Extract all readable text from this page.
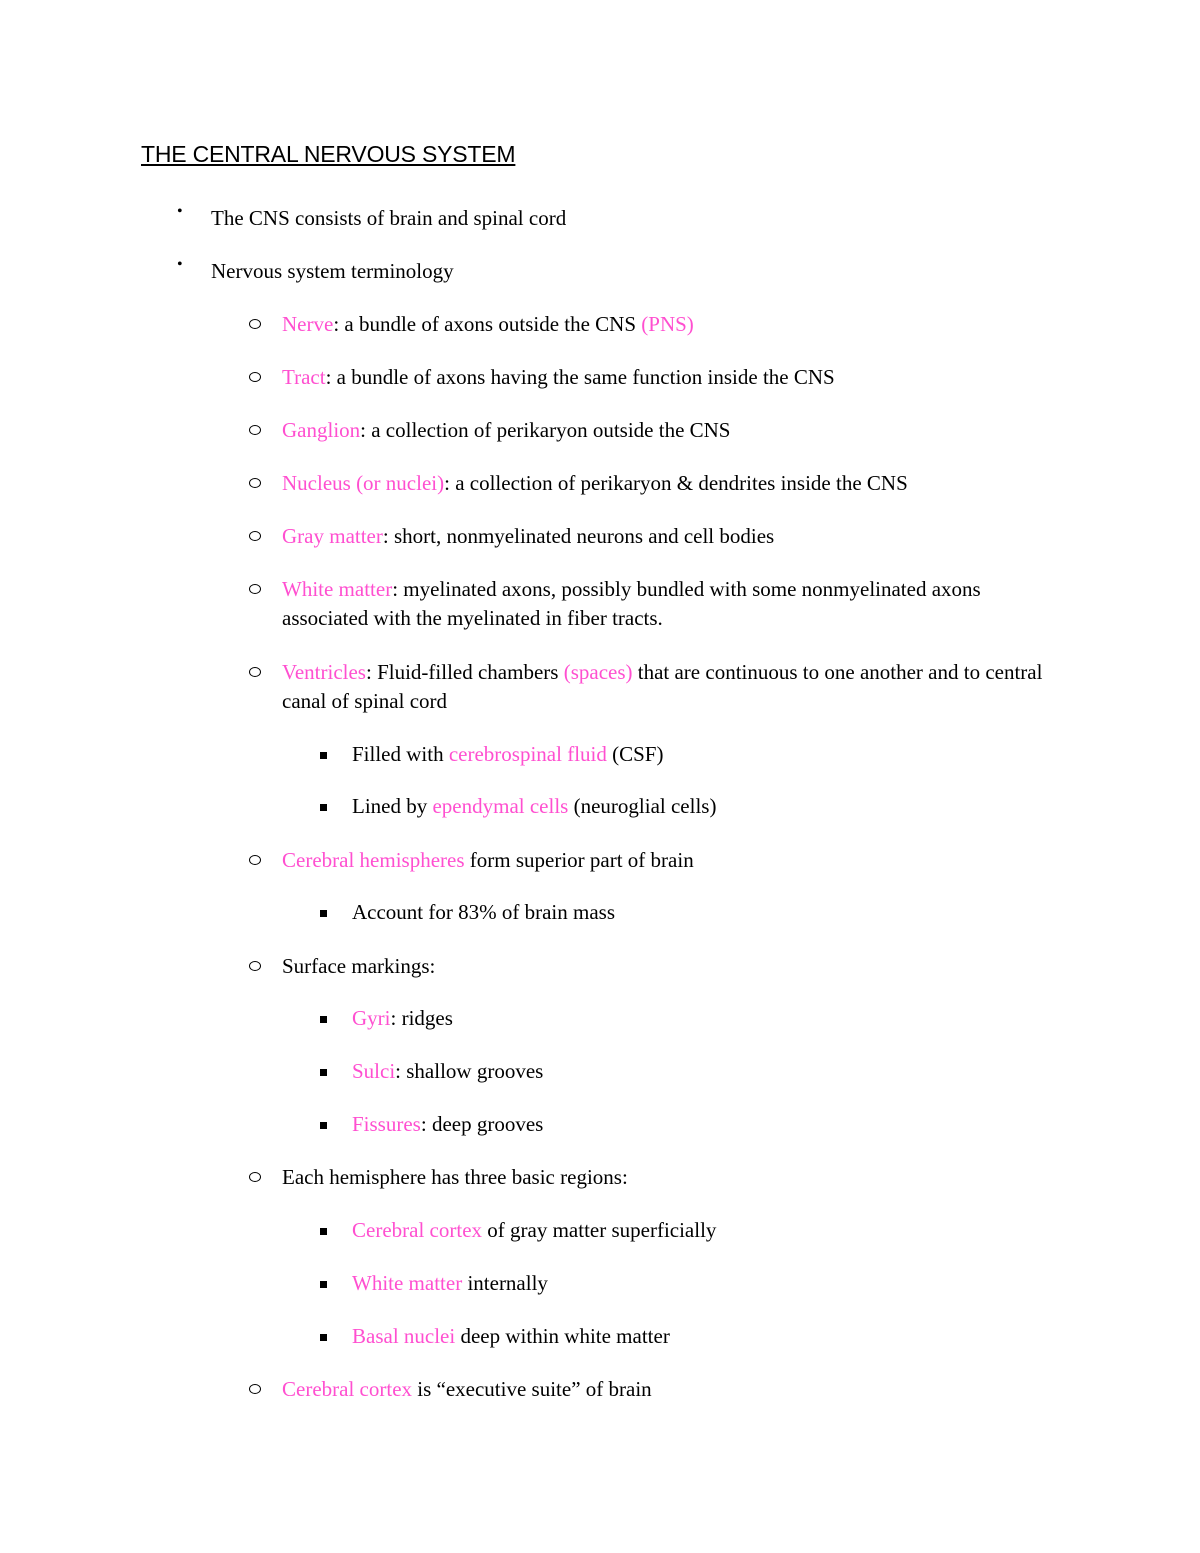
THE CENTRAL NERVOUS SYSTEM
• The CNS consists of brain and spinal cord
• Nervous system terminology
Nerve: a bundle of axons outside the CNS (PNS)
Tract: a bundle of axons having the same function inside the CNS
Ganglion: a collection of perikaryon outside the CNS
Nucleus (or nuclei): a collection of perikaryon & dendrites inside the CNS
Gray matter: short, nonmyelinated neurons and cell bodies
White matter: myelinated axons, possibly bundled with some nonmyelinated axons associated with the myelinated in fiber tracts.
Ventricles: Fluid-filled chambers (spaces) that are continuous to one another and to central canal of spinal cord
Filled with cerebrospinal fluid (CSF)
Lined by ependymal cells (neuroglial cells)
Cerebral hemispheres form superior part of brain
Account for 83% of brain mass
Surface markings:
Gyri: ridges
Sulci: shallow grooves
Fissures: deep grooves
Each hemisphere has three basic regions:
Cerebral cortex of gray matter superficially
White matter internally
Basal nuclei deep within white matter
Cerebral cortex is “executive suite” of brain
